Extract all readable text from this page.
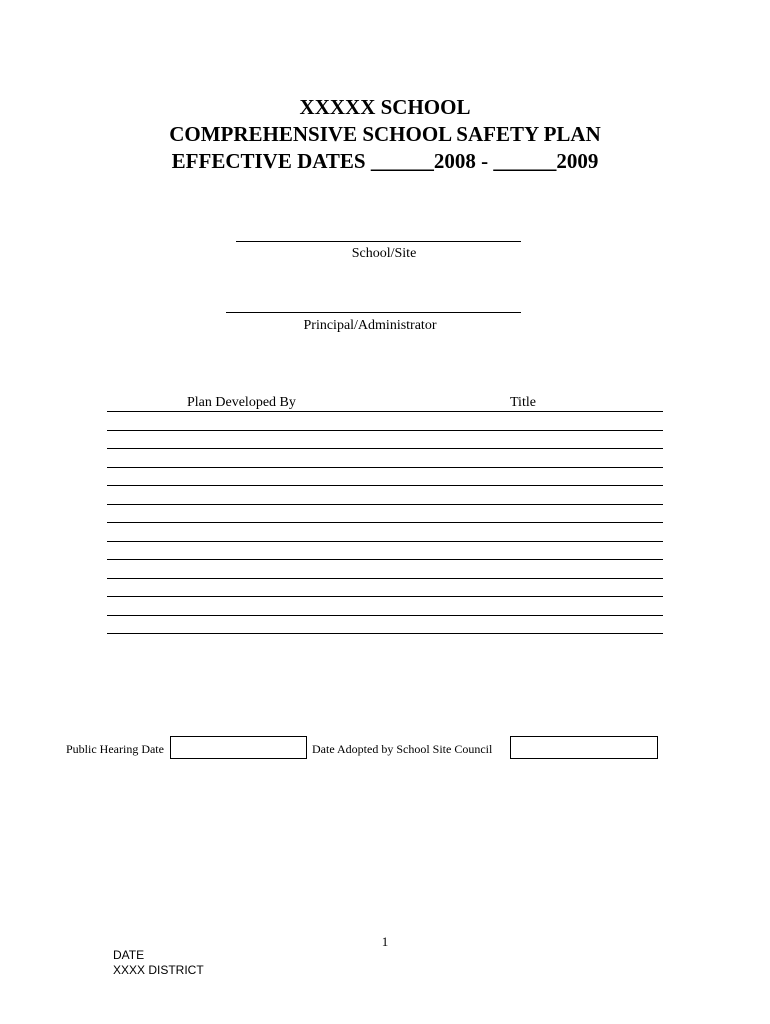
XXXXX SCHOOL
COMPREHENSIVE SCHOOL SAFETY PLAN
EFFECTIVE DATES ______2008 - ______2009
School/Site
Principal/Administrator
Plan Developed By	Title
Public Hearing Date	Date Adopted by School Site Council
1
DATE
XXXX DISTRICT
